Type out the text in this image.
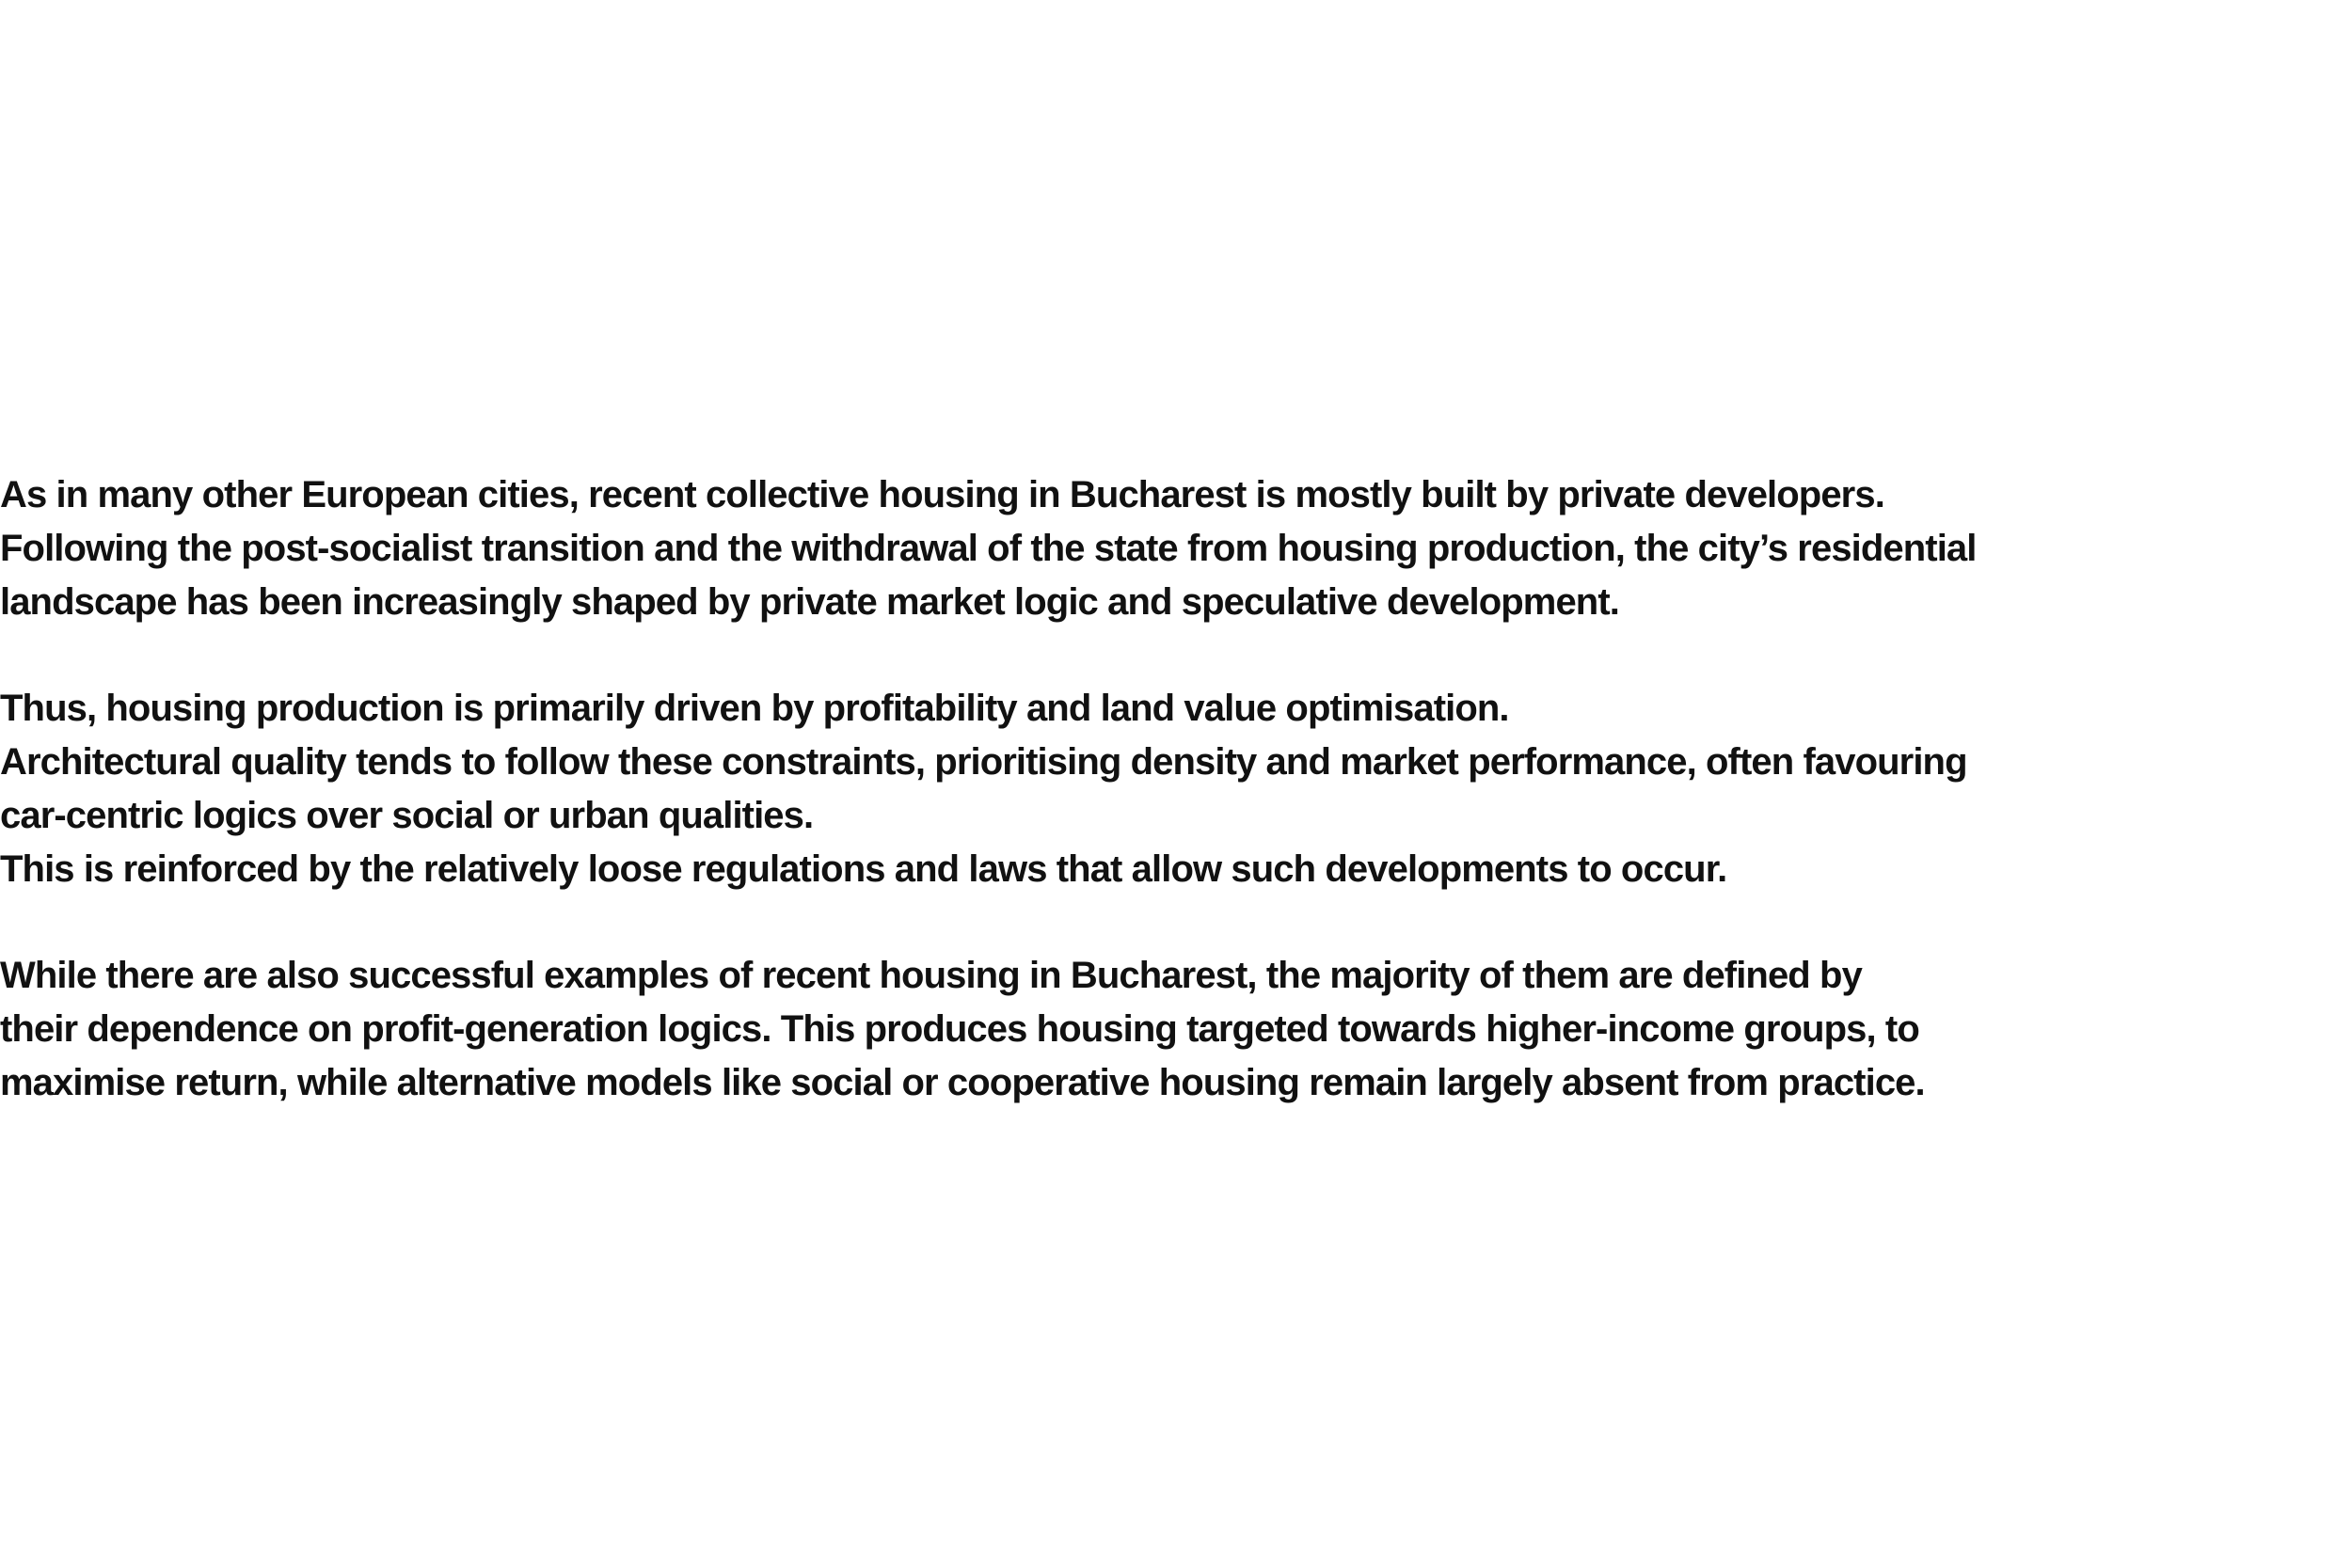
As in many other European cities, recent collective housing in Bucharest is mostly built by private developers.
Following the post-socialist transition and the withdrawal of the state from housing production, the city’s residential
landscape has been increasingly shaped by private market logic and speculative development.

Thus, housing production is primarily driven by profitability and land value optimisation.
Architectural quality tends to follow these constraints, prioritising density and market performance, often favouring
car-centric logics over social or urban qualities.
This is reinforced by the relatively loose regulations and laws that allow such developments to occur.

While there are also successful examples of recent housing in Bucharest, the majority of them are defined by
their dependence on profit-generation logics. This produces housing targeted towards higher-income groups, to
maximise return, while alternative models like social or cooperative housing remain largely absent from practice.
